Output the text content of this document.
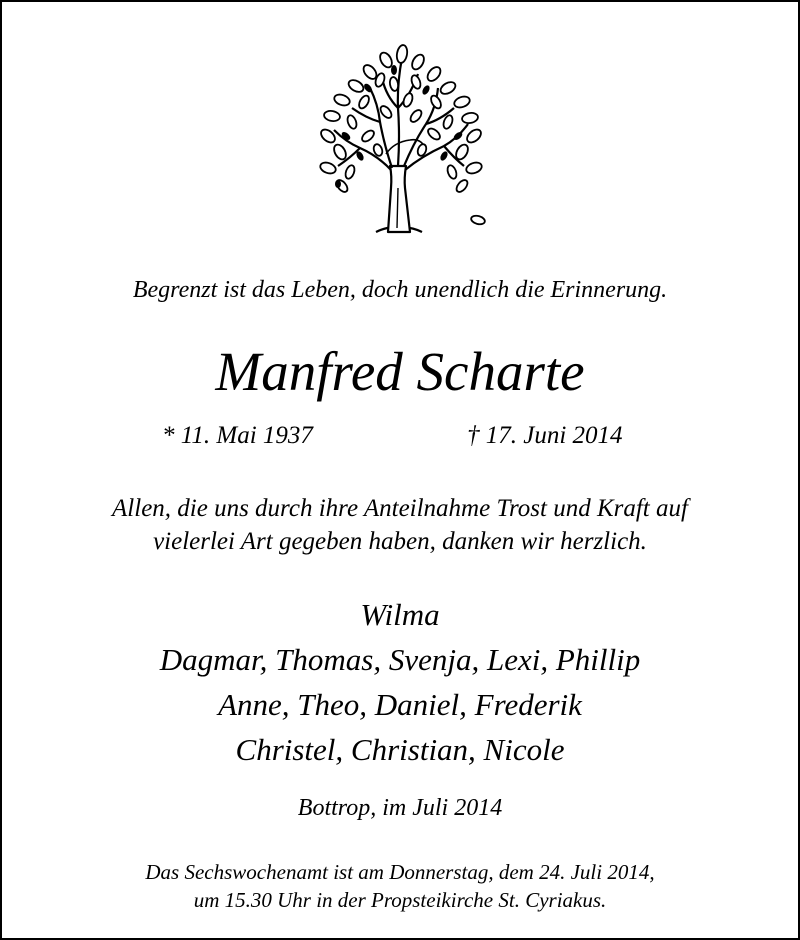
Begrenzt ist das Leben, doch unendlich die Erinnerung.
Manfred Scharte
* 11. Mai 1937	† 17. Juni 2014
Allen, die uns durch ihre Anteilnahme Trost und Kraft auf
vielerlei Art gegeben haben, danken wir herzlich.
Wilma
Dagmar, Thomas, Svenja, Lexi, Phillip
Anne, Theo, Daniel, Frederik
Christel, Christian, Nicole
Bottrop, im Juli 2014
Das Sechswochenamt ist am Donnerstag, dem 24. Juli 2014,
um 15.30 Uhr in der Propsteikirche St. Cyriakus.
